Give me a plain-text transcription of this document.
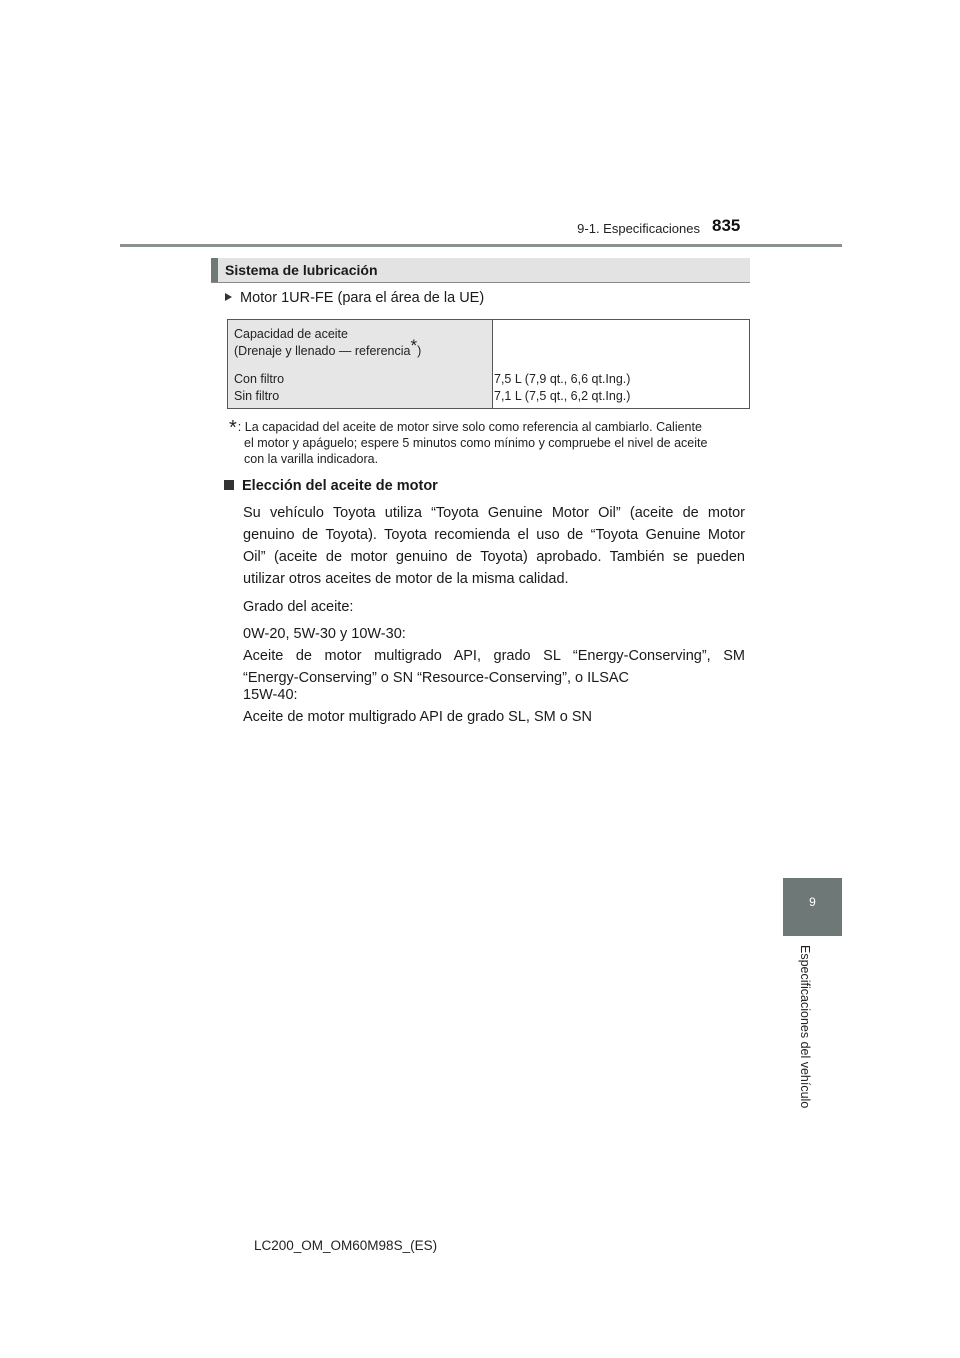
9-1. Especificaciones 835
Sistema de lubricación
Motor 1UR-FE (para el área de la UE)
Capacidad de aceite
(Drenaje y llenado — referencia*)
Con filtro
Sin filtro
7,5 L (7,9 qt., 6,6 qt.Ing.)
7,1 L (7,5 qt., 6,2 qt.Ing.)
*: La capacidad del aceite de motor sirve solo como referencia al cambiarlo. Caliente
el motor y apáguelo; espere 5 minutos como mínimo y compruebe el nivel de aceite
con la varilla indicadora.
Elección del aceite de motor
Su vehículo Toyota utiliza “Toyota Genuine Motor Oil” (aceite de motor
genuino de Toyota). Toyota recomienda el uso de “Toyota Genuine Motor
Oil” (aceite de motor genuino de Toyota) aprobado. También se pueden
utilizar otros aceites de motor de la misma calidad.
Grado del aceite:
0W-20, 5W-30 y 10W-30:
Aceite de motor multigrado API, grado SL “Energy-Conserving”, SM
“Energy-Conserving” o SN “Resource-Conserving”, o ILSAC
15W-40:
Aceite de motor multigrado API de grado SL, SM o SN
9
Especificaciones del vehículo
LC200_OM_OM60M98S_(ES)
